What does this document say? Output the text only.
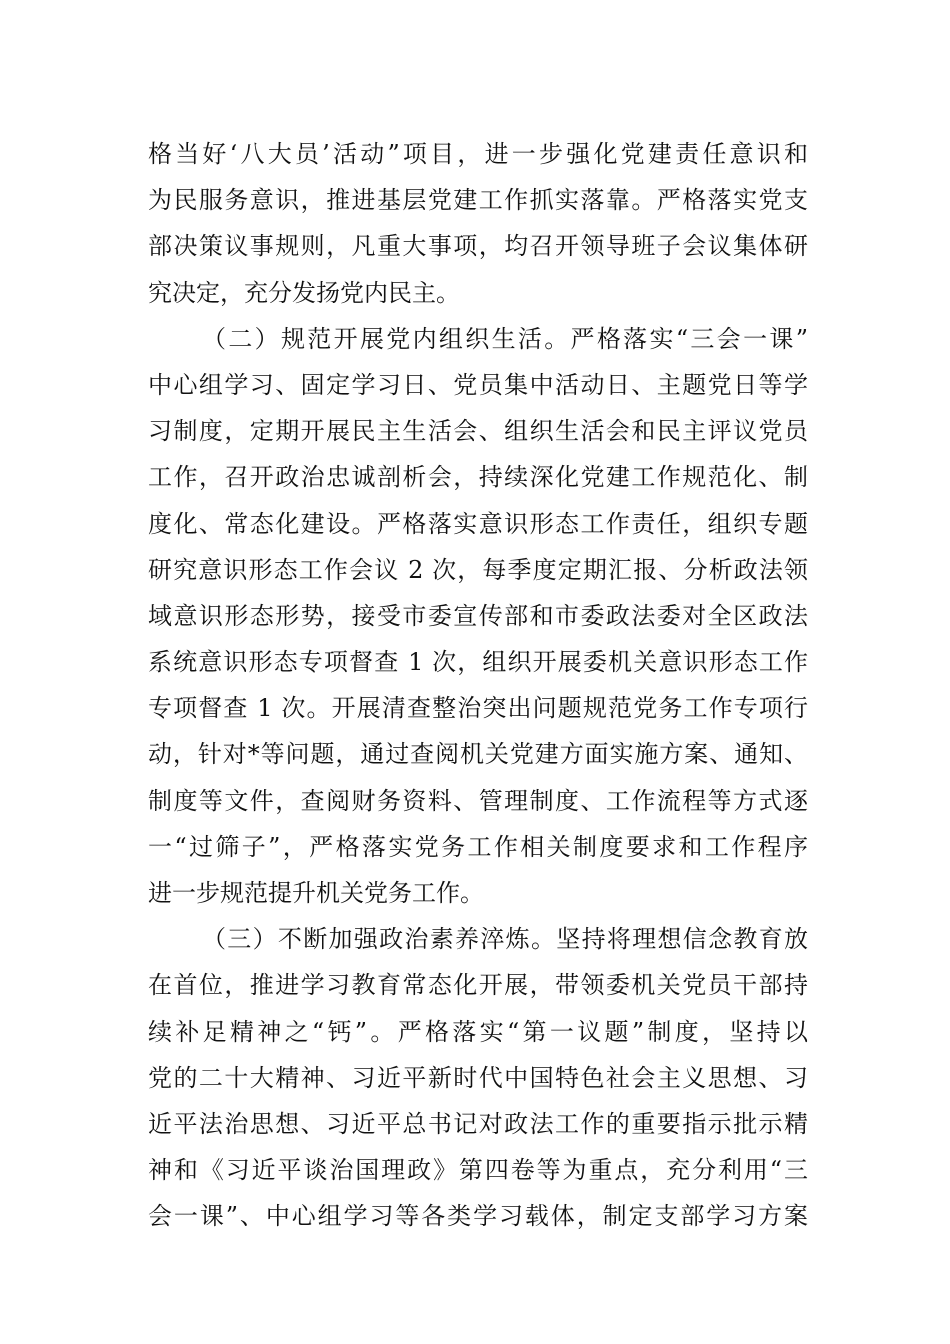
格当好‘八大员’活动”项目，进一步强化党建责任意识和
为民服务意识，推进基层党建工作抓实落靠。严格落实党支
部决策议事规则，凡重大事项，均召开领导班子会议集体研
究决定，充分发扬党内民主。
（二）规范开展党内组织生活。严格落实“三会一课”
中心组学习、固定学习日、党员集中活动日、主题党日等学
习制度，定期开展民主生活会、组织生活会和民主评议党员
工作，召开政治忠诚剖析会，持续深化党建工作规范化、制
度化、常态化建设。严格落实意识形态工作责任，组织专题
研究意识形态工作会议 2 次，每季度定期汇报、分析政法领
域意识形态形势，接受市委宣传部和市委政法委对全区政法
系统意识形态专项督查 1 次，组织开展委机关意识形态工作
专项督查 1 次。开展清查整治突出问题规范党务工作专项行
动，针对*等问题，通过查阅机关党建方面实施方案、通知、
制度等文件，查阅财务资料、管理制度、工作流程等方式逐
一“过筛子”，严格落实党务工作相关制度要求和工作程序
进一步规范提升机关党务工作。
（三）不断加强政治素养淬炼。坚持将理想信念教育放
在首位，推进学习教育常态化开展，带领委机关党员干部持
续补足精神之“钙”。严格落实“第一议题”制度，坚持以
党的二十大精神、习近平新时代中国特色社会主义思想、习
近平法治思想、习近平总书记对政法工作的重要指示批示精
神和《习近平谈治国理政》第四卷等为重点，充分利用“三
会一课”、中心组学习等各类学习载体，制定支部学习方案
